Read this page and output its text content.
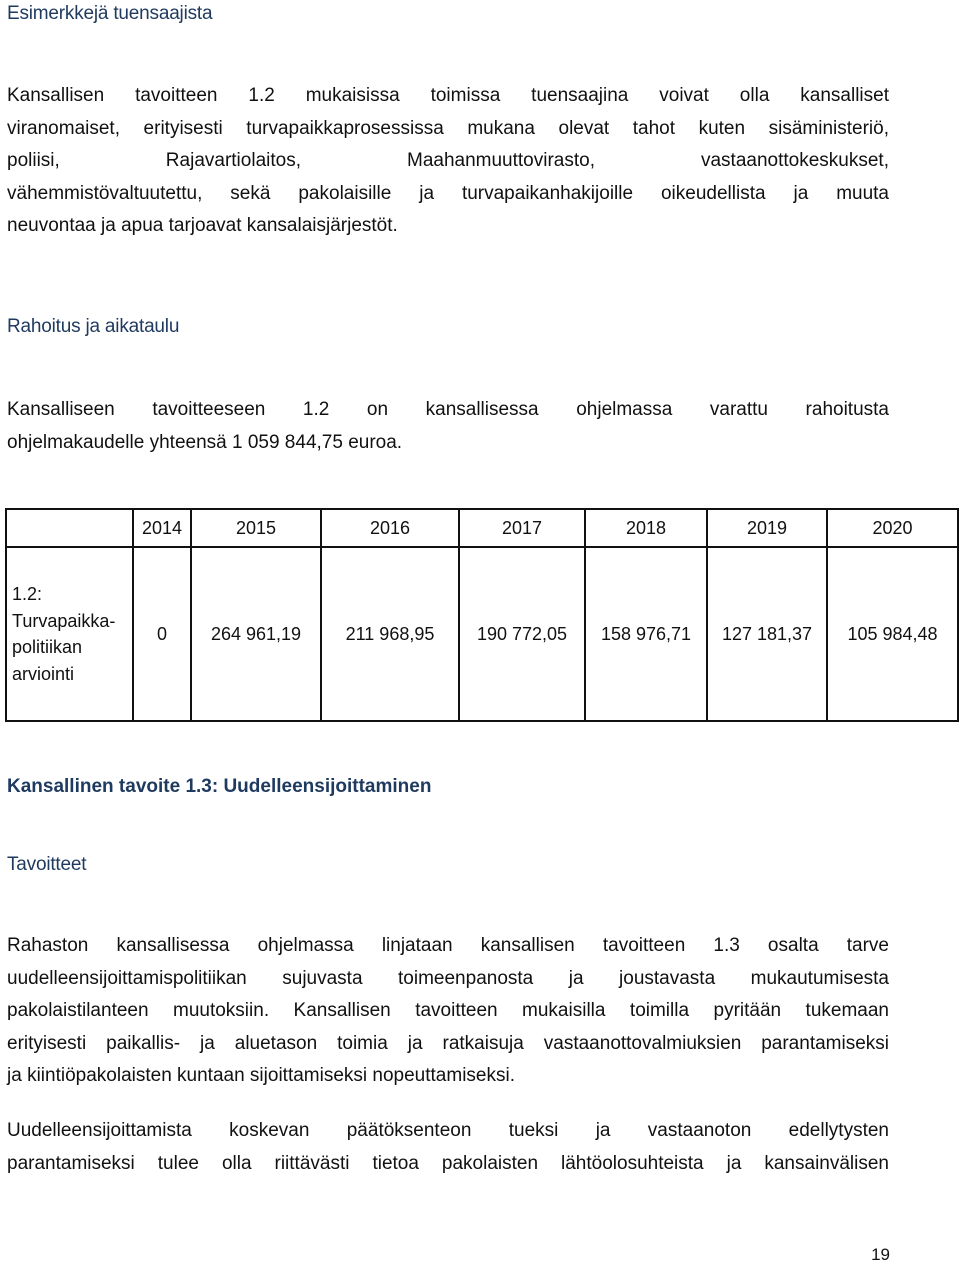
Esimerkkejä tuensaajista

Kansallisen tavoitteen 1.2 mukaisissa toimissa tuensaajina voivat olla kansalliset
viranomaiset, erityisesti turvapaikkaprosessissa mukana olevat tahot kuten sisäministeriö,
poliisi, Rajavartiolaitos, Maahanmuuttovirasto, vastaanottokeskukset,
vähemmistövaltuutettu, sekä pakolaisille ja turvapaikanhakijoille oikeudellista ja muuta
neuvontaa ja apua tarjoavat kansalaisjärjestöt.

Rahoitus ja aikataulu

Kansalliseen tavoitteeseen 1.2 on kansallisessa ohjelmassa varattu rahoitusta
ohjelmakaudelle yhteensä 1 059 844,75 euroa.

	2014	2015	2016	2017	2018	2019	2020

1.2:
Turvapaikka-
politiikan
arviointi	0	264 961,19	211 968,95	190 772,05	158 976,71	127 181,37	105 984,48
Kansallinen tavoite 1.3: Uudelleensijoittaminen
Tavoitteet

Rahaston kansallisessa ohjelmassa linjataan kansallisen tavoitteen 1.3 osalta tarve
uudelleensijoittamispolitiikan sujuvasta toimeenpanosta ja joustavasta mukautumisesta
pakolaistilanteen muutoksiin. Kansallisen tavoitteen mukaisilla toimilla pyritään tukemaan
erityisesti paikallis- ja aluetason toimia ja ratkaisuja vastaanottovalmiuksien parantamiseksi
ja kiintiöpakolaisten kuntaan sijoittamiseksi nopeuttamiseksi.

Uudelleensijoittamista koskevan päätöksenteon tueksi ja vastaanoton edellytysten
parantamiseksi tulee olla riittävästi tietoa pakolaisten lähtöolosuhteista ja kansainvälisen

19
